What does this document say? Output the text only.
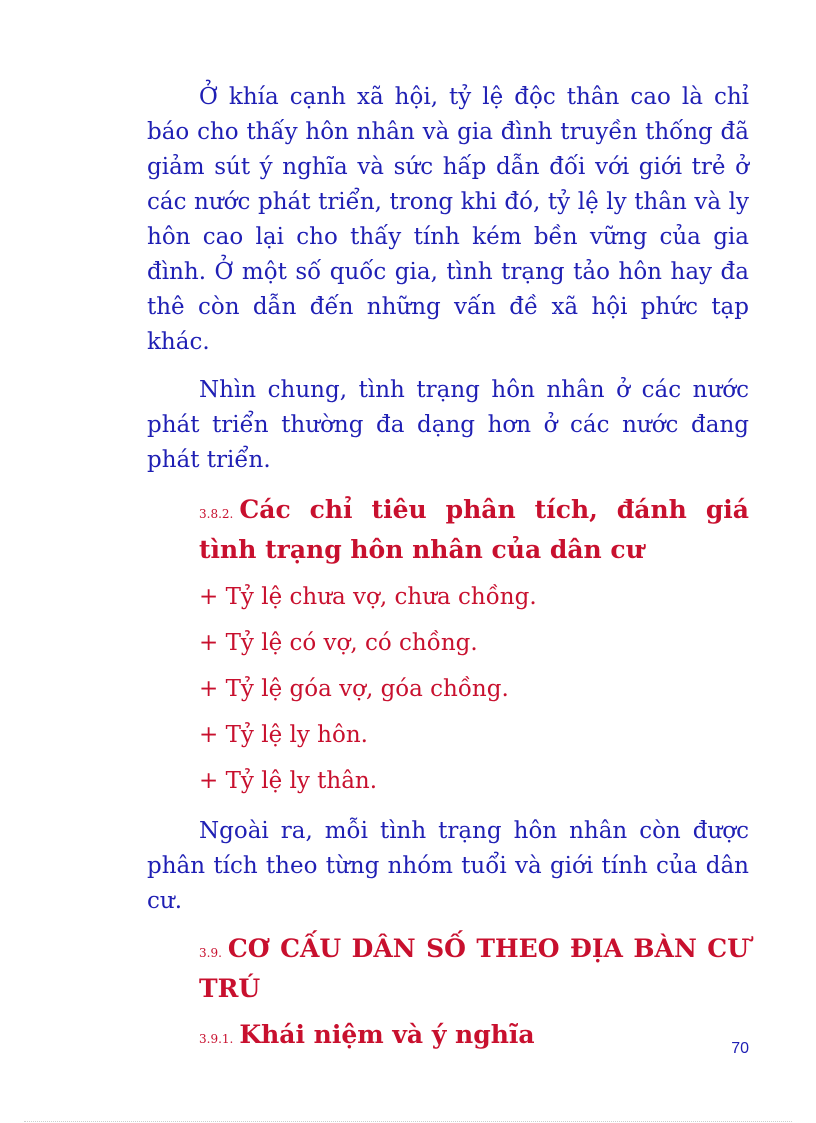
Ở khía cạnh xã hội, tỷ lệ độc thân cao là chỉ báo cho thấy hôn nhân và gia đình truyền thống đã giảm sút ý nghĩa và sức hấp dẫn đối với giới trẻ ở các nước phát triển, trong khi đó, tỷ lệ ly thân và ly hôn cao lại cho thấy tính kém bền vững của gia đình. Ở một số quốc gia, tình trạng tảo hôn hay đa thê còn dẫn đến những vấn đề xã hội phức tạp khác.

Nhìn chung, tình trạng hôn nhân ở các nước phát triển thường đa dạng hơn ở các nước đang phát triển.

3.8.2. Các chỉ tiêu phân tích, đánh giá tình trạng hôn nhân của dân cư

+ Tỷ lệ chưa vợ, chưa chồng.
+ Tỷ lệ có vợ, có chồng.
+ Tỷ lệ góa vợ, góa chồng.
+ Tỷ lệ ly hôn.
+ Tỷ lệ ly thân.

Ngoài ra, mỗi tình trạng hôn nhân còn được phân tích theo từng nhóm tuổi và giới tính của dân cư.

3.9. CƠ CẤU DÂN SỐ THEO ĐỊA BÀN CƯ TRÚ

3.9.1. Khái niệm và ý nghĩa	70
